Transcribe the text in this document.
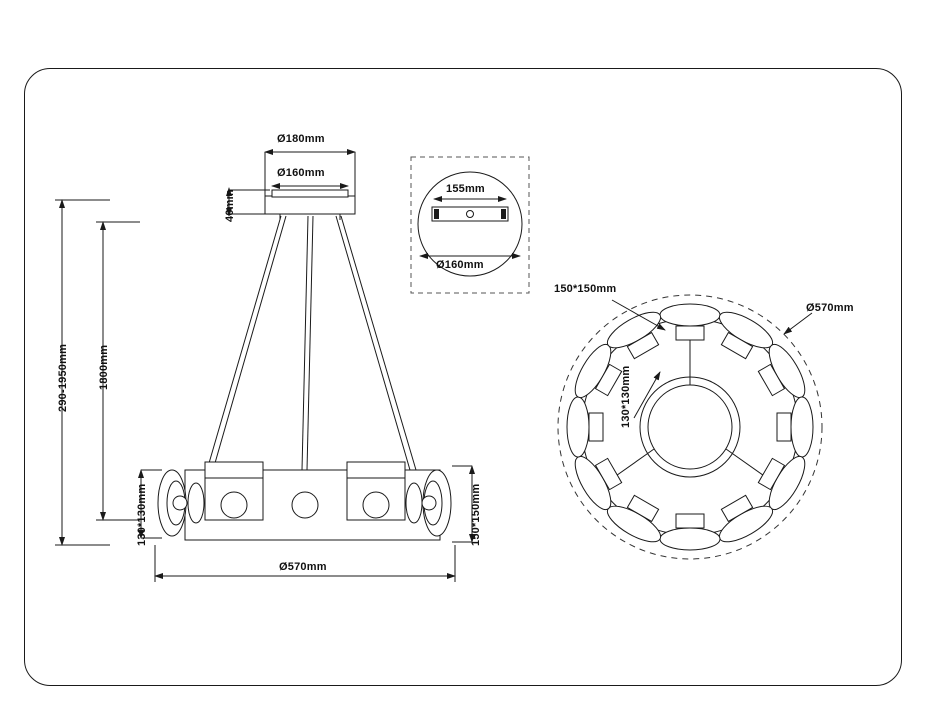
Ø180mm
Ø160mm
40mm
290-1950mm	1800mm
130*130mm	150*150mm
Ø570mm
155mm
Ø160mm
150*150mm
Ø570mm
130*130mm
